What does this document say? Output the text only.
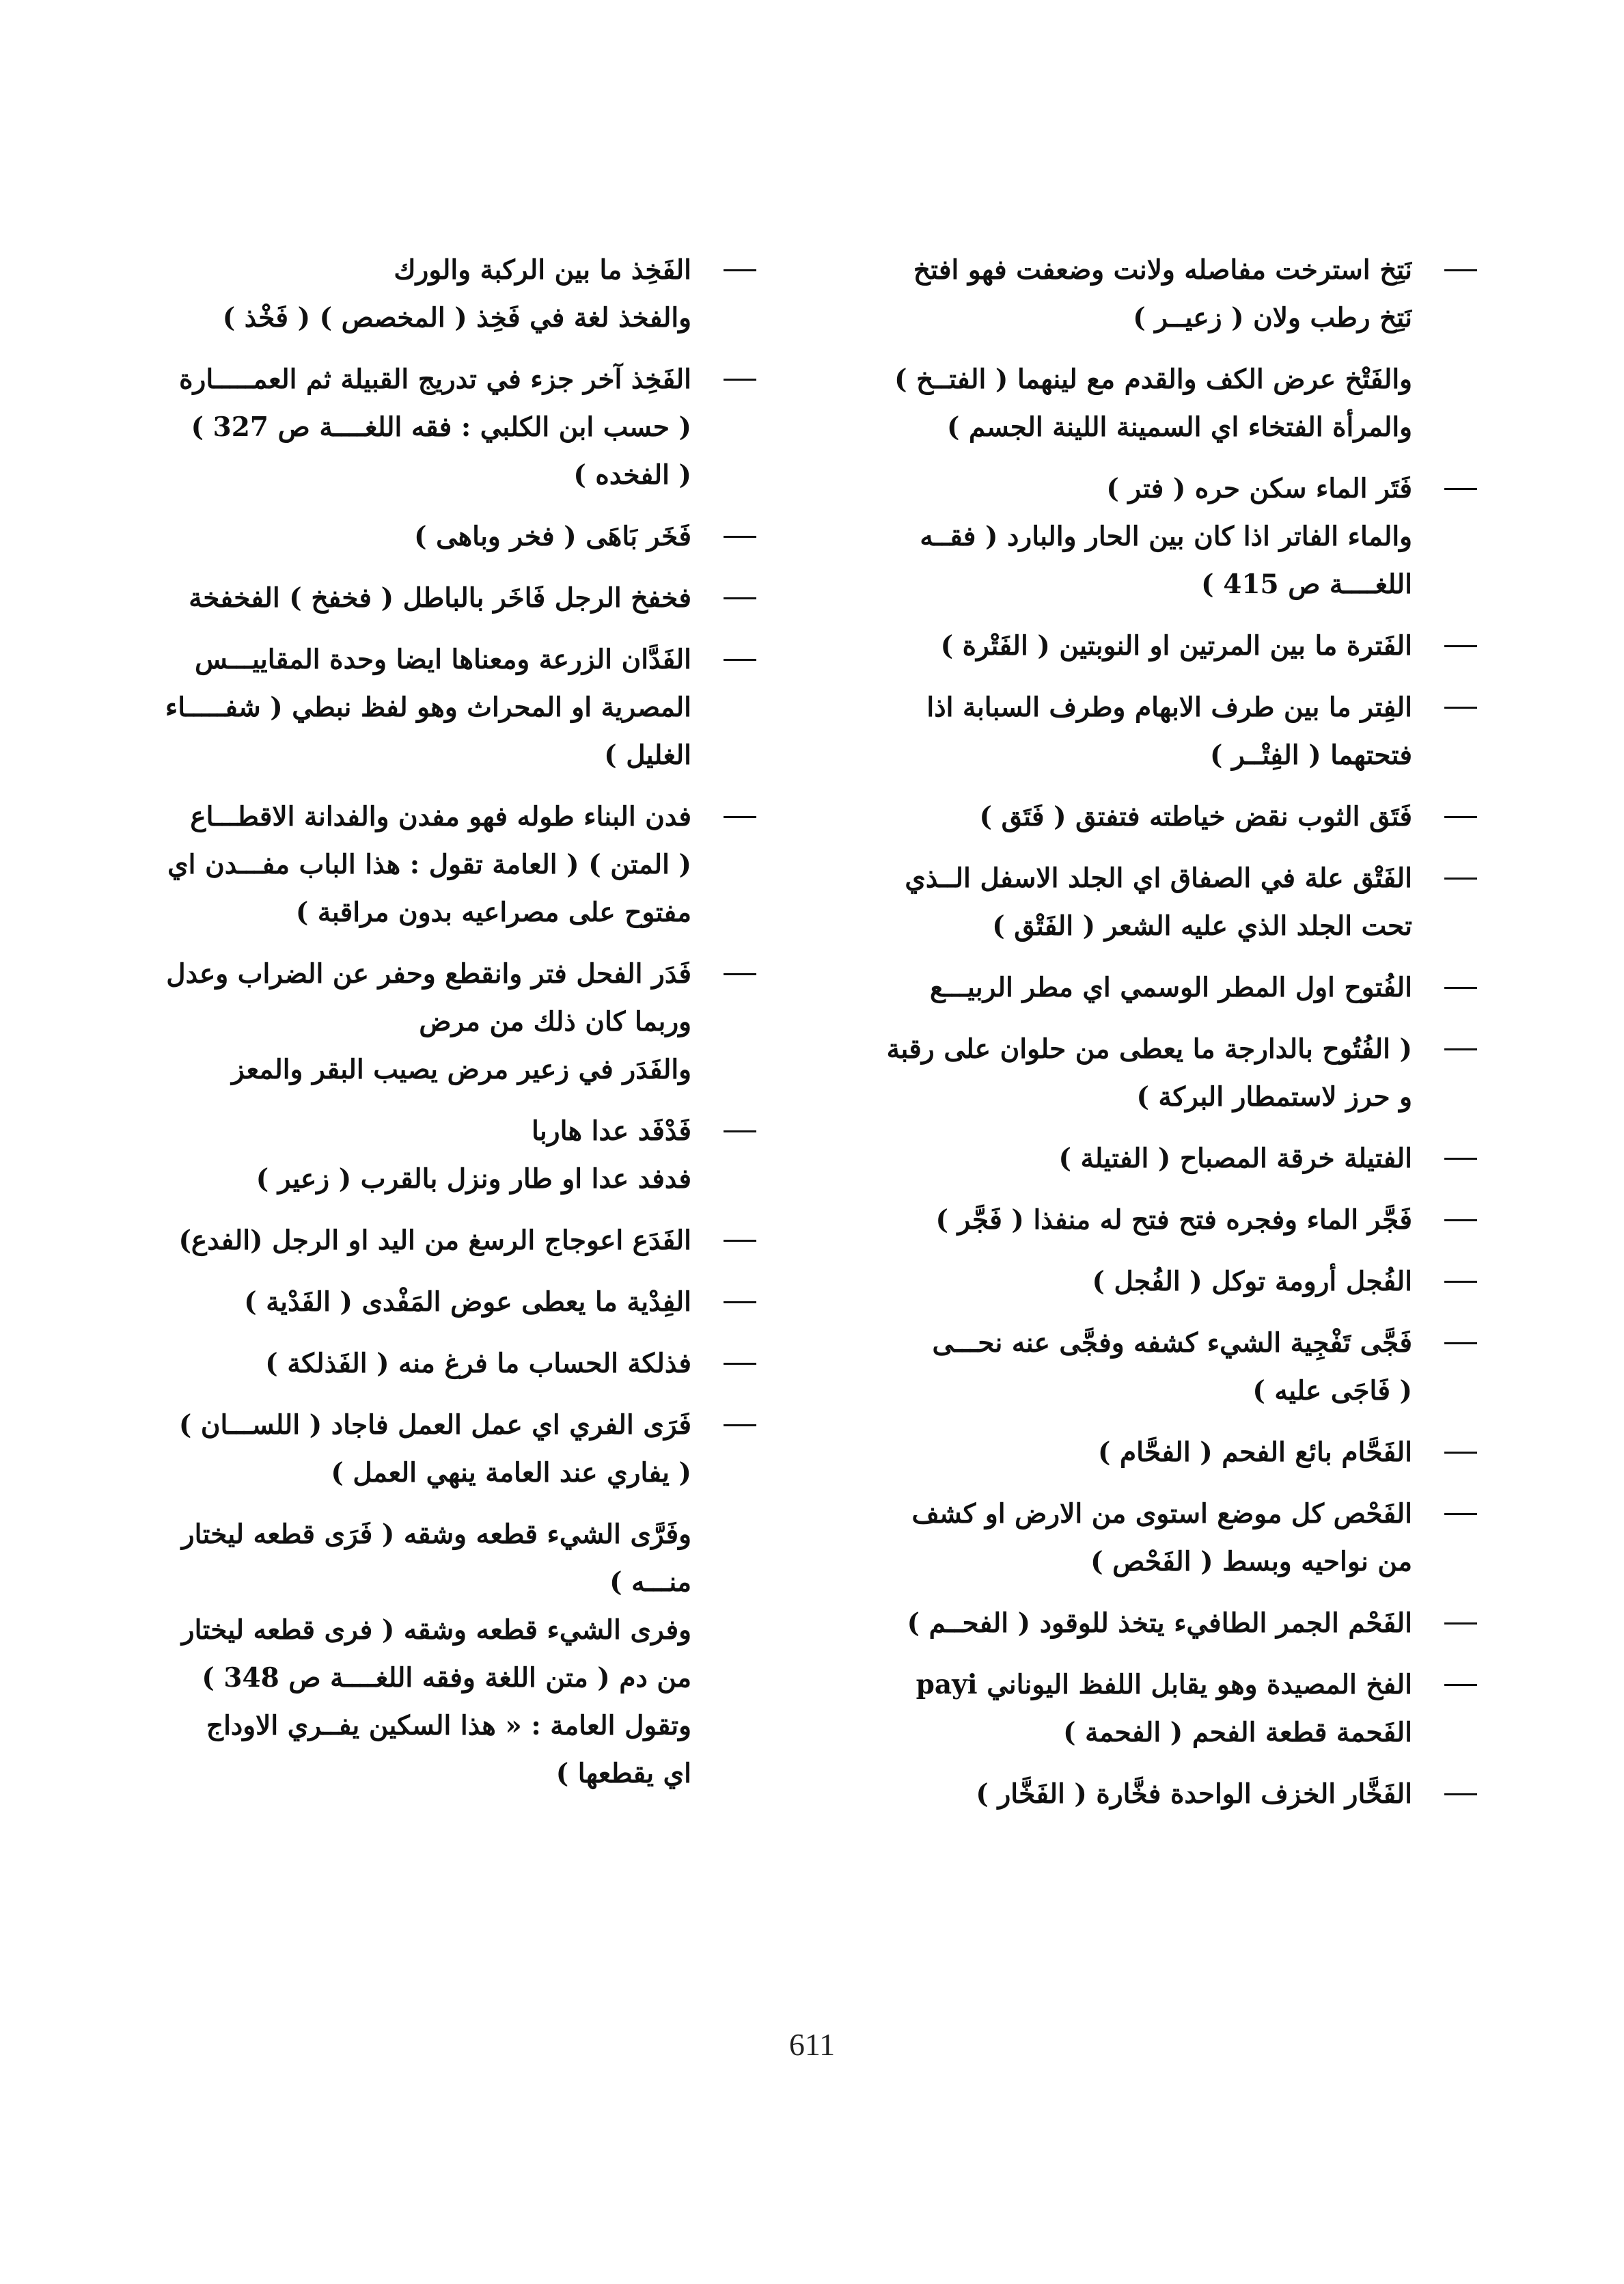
نَتِخ استرخت مفاصله ولانت وضعفت فهو افتخ
نَتِخ رطب ولان ( زعيــر )
والفَتْخ عرض الكف والقدم مع لينهما ( الفتــخ )
والمرأة الفتخاء اي السمينة اللينة الجسم )
فَتَر الماء سكن حره ( فتر )
والماء الفاتر اذا كان بين الحار والبارد ( فقــه
اللغــــة ص 415 )
الفَترة ما بين المرتين او النوبتين ( الفَتْرة )
الفِتر ما بين طرف الابهام وطرف السبابة اذا
فتحتهما ( الفِتْــر )
فَتَق الثوب نقض خياطته فتفتق ( فَتَق )
الفَتْق علة في الصفاق اي الجلد الاسفل الــذي
تحت الجلد الذي عليه الشعر ( الفَتْق )
الفُتوح اول المطر الوسمي اي مطر الربيـــع
( الفُتُوح بالدارجة ما يعطى من حلوان على رقبة
و حرز لاستمطار البركة )
الفتيلة خرقة المصباح ( الفتيلة )
فَجَّر الماء وفجره فتح فتح له منفذا ( فَجَّر )
الفُجل أرومة توكل ( الفُجل )
فَجَّى تَفْجِية الشيء كشفه وفجَّى عنه نحـــى
( فَاجَى عليه )
الفَحَّام بائع الفحم ( الفحَّام )
الفَحْص كل موضع استوى من الارض او كشف
من نواحيه وبسط ( الفَحْص )
الفَحْم الجمر الطافيء يتخذ للوقود ( الفحــم )
الفخ المصيدة وهو يقابل اللفظ اليوناني payi
الفَحمة قطعة الفحم ( الفحمة )
الفَخَّار الخزف الواحدة فخَّارة ( الفَخَّار )
الفَخِذ ما بين الركبة والورك
والفخذ لغة في فَخِذ ( المخصص ) ( فَخْذ )
الفَخِذ آخر جزء في تدريج القبيلة ثم العمـــــارة
( حسب ابن الكلبي : فقه اللغــــة ص 327 )
( الفخده )
فَخَر بَاهَى ( فخر وباهى )
فخفخ الرجل فَاخَر بالباطل ( فخفخ ) الفخفخة
الفَدَّان الزرعة ومعناها ايضا وحدة المقاييـــس
المصرية او المحراث وهو لفظ نبطي ( شفـــــاء
الغليل )
فدن البناء طوله فهو مفدن والفدانة الاقطـــاع
( المتن ) ( العامة تقول : هذا الباب مفـــدن اي
مفتوح على مصراعيه بدون مراقبة )
فَدَر الفحل فتر وانقطع وحفر عن الضراب وعدل
وربما كان ذلك من مرض
والفَدَر في زعير مرض يصيب البقر والمعز
فَدْفَد عدا هاربا
فدفد عدا او طار ونزل بالقرب ( زعير )
الفَدَع اعوجاج الرسغ من اليد او الرجل (الفدع)
الفِدْية ما يعطى عوض المَفْدى ( الفَدْية )
فذلكة الحساب ما فرغ منه ( الفَذلكة )
فَرَى الفري اي عمل العمل فاجاد ( اللســـان )
( يفاري عند العامة ينهي العمل )
وفَرَّى الشيء قطعه وشقه ( فَرَى قطعه ليختار
منـــه )
وفرى الشيء قطعه وشقه ( فرى قطعه ليختار
من دم ( متن اللغة وفقه اللغــــة ص 348 )
وتقول العامة : « هذا السكين يفــري الاوداج
اي يقطعها )
611
